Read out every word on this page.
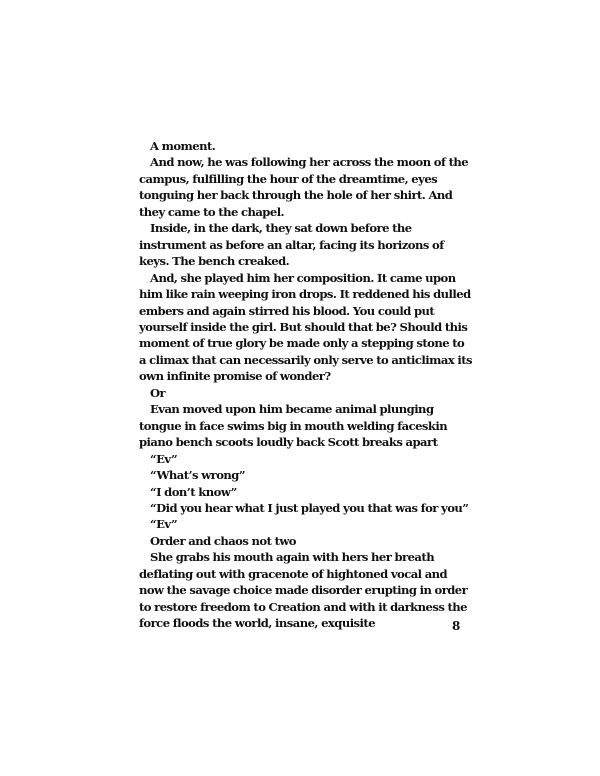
A moment.

And now, he was following her across the moon of the campus, fulfilling the hour of the dreamtime, eyes tonguing her back through the hole of her shirt. And they came to the chapel.

Inside, in the dark, they sat down before the instrument as before an altar, facing its horizons of keys. The bench creaked.

And, she played him her composition. It came upon him like rain weeping iron drops. It reddened his dulled embers and again stirred his blood. You could put yourself inside the girl. But should that be? Should this moment of true glory be made only a stepping stone to a climax that can necessarily only serve to anticlimax its own infinite promise of wonder?

Or

Evan moved upon him became animal plunging tongue in face swims big in mouth welding faceskin piano bench scoots loudly back Scott breaks apart

“Ev”

“What’s wrong”

“I don’t know”

“Did you hear what I just played you that was for you”

“Ev”

Order and chaos not two

She grabs his mouth again with hers her breath deflating out with gracenote of hightoned vocal and now the savage choice made disorder erupting in order to restore freedom to Creation and with it darkness the force floods the world, insane, exquisite	8
